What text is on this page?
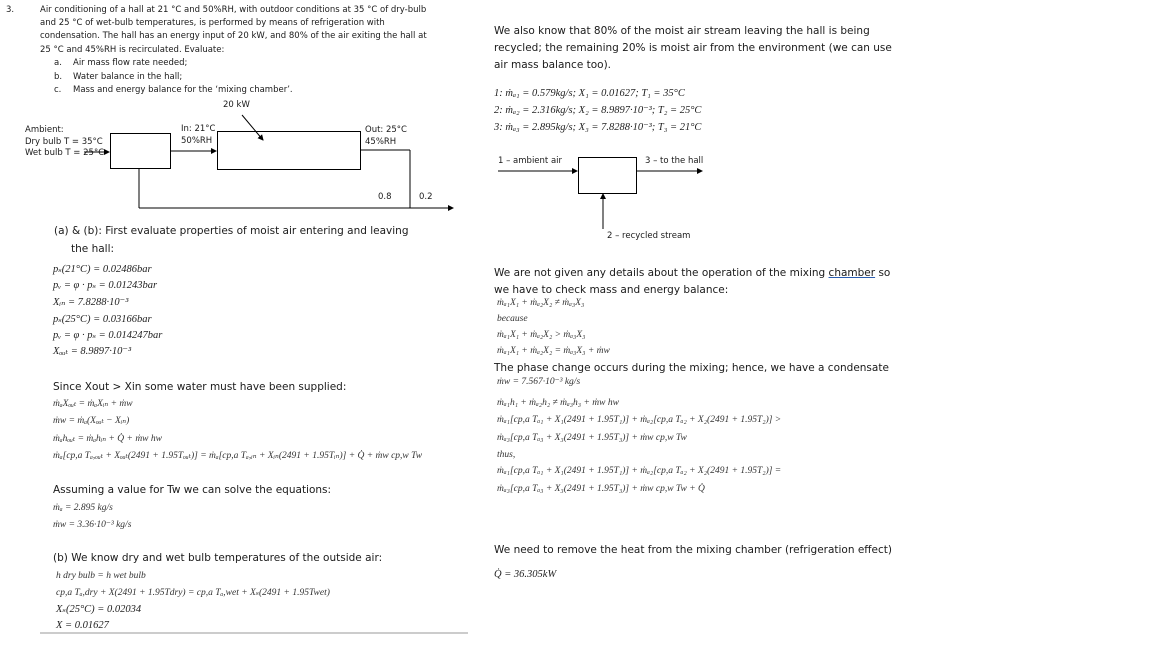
3.	Air conditioning of a hall at 21 °C and 50%RH, with outdoor conditions at 35 °C of dry-bulb
and 25 °C of wet-bulb temperatures, is performed by means of refrigeration with
condensation. The hall has an energy input of 20 kW, and 80% of the air exiting the hall at
25 °C and 45%RH is recirculated. Evaluate:
a. Air mass flow rate needed;
b. Water balance in the hall;
c. Mass and energy balance for the ‘mixing chamber’.
20 kW
Ambient:
Dry bulb T = 35°C
Wet bulb T = 25°C
In: 21°C
50%RH
Out: 25°C
45%RH
0.8	0.2
(a) & (b): First evaluate properties of moist air entering and leaving
the hall:
pₛ(21°C) = 0.02486bar
pᵥ = φ · pₛ = 0.01243bar
Xᵢₙ = 7.8288·10⁻³
pₛ(25°C) = 0.03166bar
pᵥ = φ · pₛ = 0.014247bar
Xₒᵤₜ = 8.9897·10⁻³
Since Xout > Xin some water must have been supplied:
ṁₐXₒᵤₜ = ṁₐXᵢₙ + ṁw
ṁw = ṁₐ(Xₒᵤₜ − Xᵢₙ)
ṁₐhₒᵤₜ = ṁₐhᵢₙ + Q̇ + ṁw hw
ṁₐ[cp,a Tₐ,ₒᵤₜ + Xₒᵤₜ(2491 + 1.95Tₒᵤₜ)] = ṁₐ[cp,a Tₐ,ᵢₙ + Xᵢₙ(2491 + 1.95Tᵢₙ)] + Q̇ + ṁw cp,w Tw
Assuming a value for Tw we can solve the equations:
ṁₐ = 2.895 kg/s
ṁw = 3.36·10⁻³ kg/s
(b) We know dry and wet bulb temperatures of the outside air:
h dry bulb = h wet bulb
cp,a Tₐ,dry + X(2491 + 1.95Tdry) = cp,a Tₐ,wet + Xₛ(2491 + 1.95Twet)
Xₛ(25°C) = 0.02034
X = 0.01627
We also know that 80% of the moist air stream leaving the hall is being
recycled; the remaining 20% is moist air from the environment (we can use
air mass balance too).
1: ṁₐ₁ = 0.579kg/s; X₁ = 0.01627; T₁ = 35°C
2: ṁₐ₂ = 2.316kg/s; X₂ = 8.9897·10⁻³; T₂ = 25°C
3: ṁₐ₃ = 2.895kg/s; X₃ = 7.8288·10⁻³; T₃ = 21°C
1 – ambient air	3 – to the hall
2 – recycled stream
We are not given any details about the operation of the mixing chamber so
we have to check mass and energy balance:
ṁₐ₁X₁ + ṁₐ₂X₂ ≠ ṁₐ₃X₃
because
ṁₐ₁X₁ + ṁₐ₂X₂ > ṁₐ₃X₃
ṁₐ₁X₁ + ṁₐ₂X₂ = ṁₐ₃X₃ + ṁw
The phase change occurs during the mixing; hence, we have a condensate
ṁw = 7.567·10⁻³ kg/s
ṁₐ₁h₁ + ṁₐ₂h₂ ≠ ṁₐ₃h₃ + ṁw hw
ṁₐ₁[cp,a Tₐ₁ + X₁(2491 + 1.95T₁)] + ṁₐ₂[cp,a Tₐ₂ + X₂(2491 + 1.95T₂)] >
ṁₐ₃[cp,a Tₐ₃ + X₃(2491 + 1.95T₃)] + ṁw cp,w Tw
thus,
ṁₐ₁[cp,a Tₐ₁ + X₁(2491 + 1.95T₁)] + ṁₐ₂[cp,a Tₐ₂ + X₂(2491 + 1.95T₂)] =
ṁₐ₃[cp,a Tₐ₃ + X₃(2491 + 1.95T₃)] + ṁw cp,w Tw + Q̇
We need to remove the heat from the mixing chamber (refrigeration effect)
Q̇ = 36.305kW
